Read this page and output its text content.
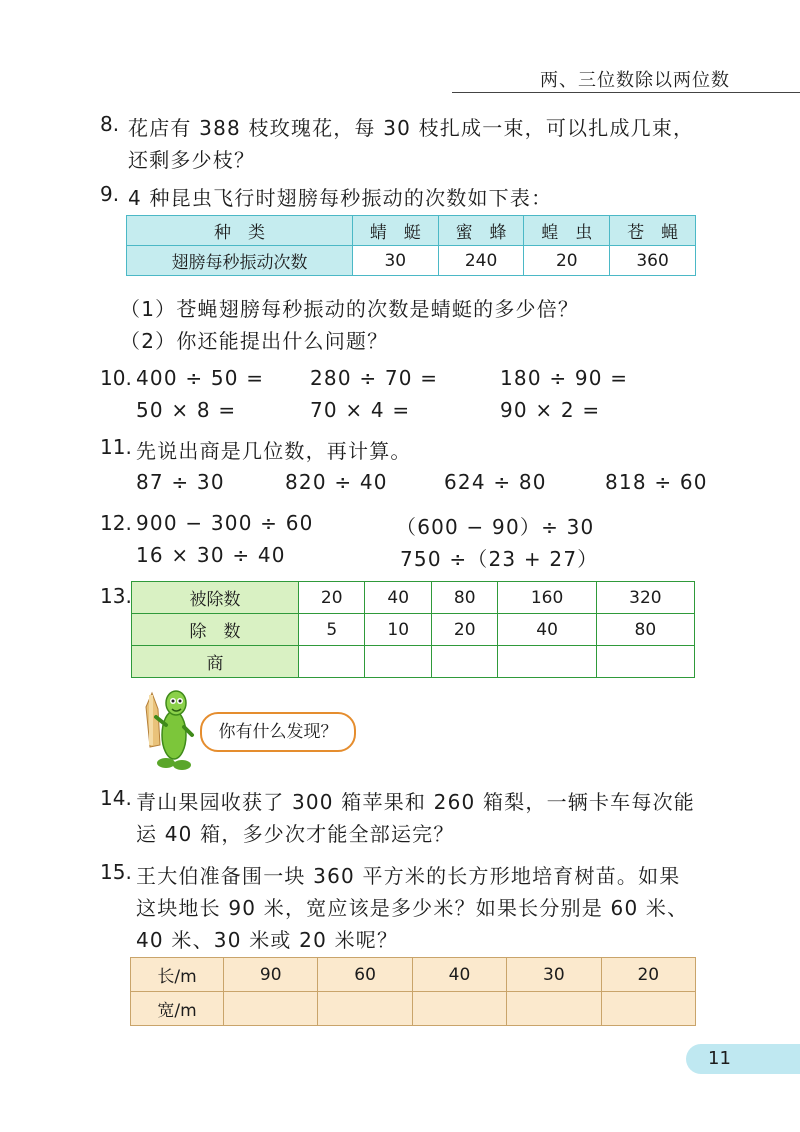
两、三位数除以两位数
8. 花店有 388 枝玫瑰花，每 30 枝扎成一束，可以扎成几束，
还剩多少枝？
9. 4 种昆虫飞行时翅膀每秒振动的次数如下表：
种　类	蜻　蜓	蜜　蜂	蝗　虫	苍　蝇
翅膀每秒振动次数	30	240	20	360
（1）苍蝇翅膀每秒振动的次数是蜻蜓的多少倍？
（2）你还能提出什么问题？
10. 400 ÷ 50 = 280 ÷ 70 =	180 ÷ 90 =
50 × 8 =	70 × 4 =	90 × 2 =
11. 先说出商是几位数，再计算。
87 ÷ 30	820 ÷ 40	624 ÷ 80	818 ÷ 60
12. 900 − 300 ÷ 60	（600 − 90）÷ 30
16 × 30 ÷ 40	750 ÷（23 + 27）
13.	被除数	20	40	80	160	320
除　数	5	10	20	40	80
商					
你有什么发现？
14. 青山果园收获了 300 箱苹果和 260 箱梨，一辆卡车每次能
运 40 箱，多少次才能全部运完？
15. 王大伯准备围一块 360 平方米的长方形地培育树苗。如果
这块地长 90 米，宽应该是多少米？如果长分别是 60 米、
40 米、30 米或 20 米呢？
长/m	90	60	40	30	20
宽/m					
11
